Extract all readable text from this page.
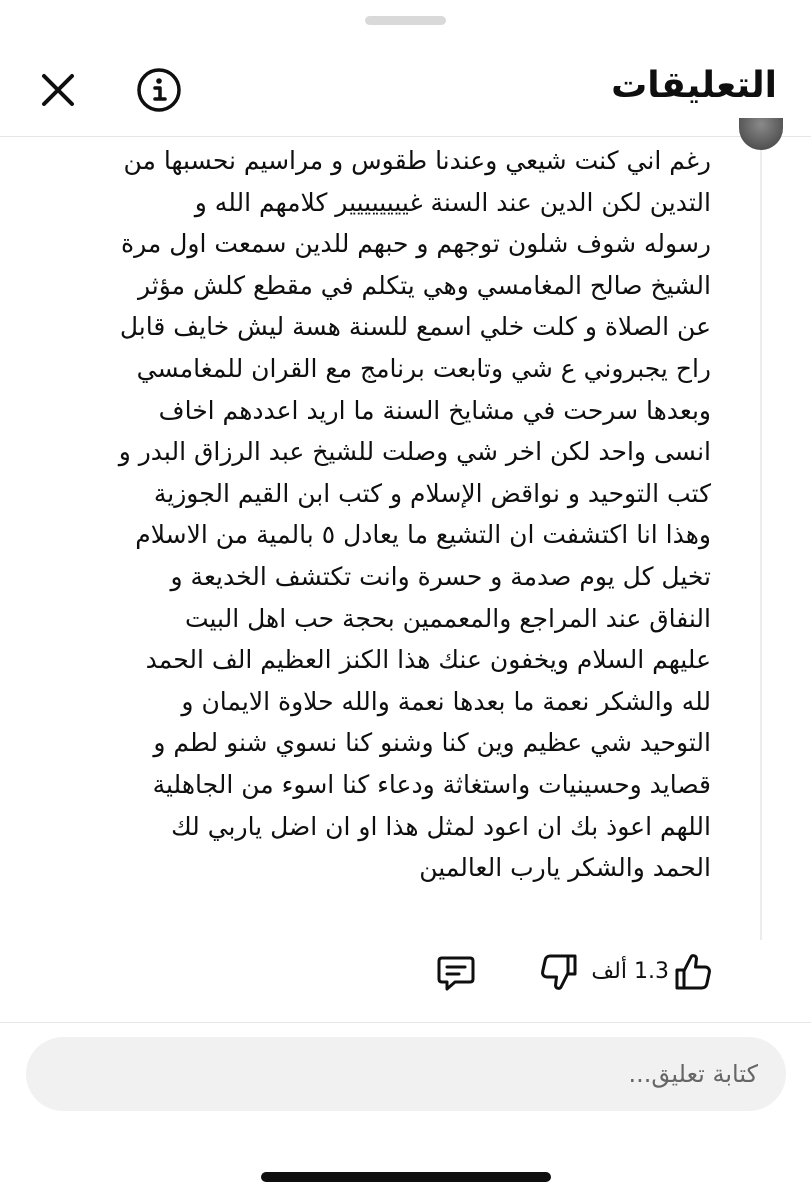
التعليقات
رغم اني كنت شيعي وعندنا طقوس و مراسيم نحسبها من
التدين لكن الدين عند السنة غيييييييير كلامهم الله و
رسوله شوف شلون توجهم و حبهم للدين سمعت اول مرة
الشيخ صالح المغامسي وهي يتكلم في مقطع كلش مؤثر
عن الصلاة و كلت خلي اسمع للسنة هسة ليش خايف قابل
راح يجبروني ع شي وتابعت برنامج مع القران للمغامسي
وبعدها سرحت في مشايخ السنة ما اريد اعددهم اخاف
انسى واحد لكن اخر شي وصلت للشيخ عبد الرزاق البدر و
كتب التوحيد و نواقض الإسلام و كتب ابن القيم الجوزية
وهذا انا اكتشفت ان التشيع ما يعادل ٥ بالمية من الاسلام
تخيل كل يوم صدمة و حسرة وانت تكتشف الخديعة و
النفاق عند المراجع والمعممين بحجة حب اهل البيت
عليهم السلام ويخفون عنك هذا الكنز العظيم الف الحمد
لله والشكر نعمة ما بعدها نعمة والله حلاوة الايمان و
التوحيد شي عظيم وين كنا وشنو كنا نسوي شنو لطم و
قصايد وحسينيات واستغاثة ودعاء كنا اسوء من الجاهلية
اللهم اعوذ بك ان اعود لمثل هذا او ان اضل ياربي لك
الحمد والشكر يارب العالمين
1.3 ألف
كتابة تعليق...
